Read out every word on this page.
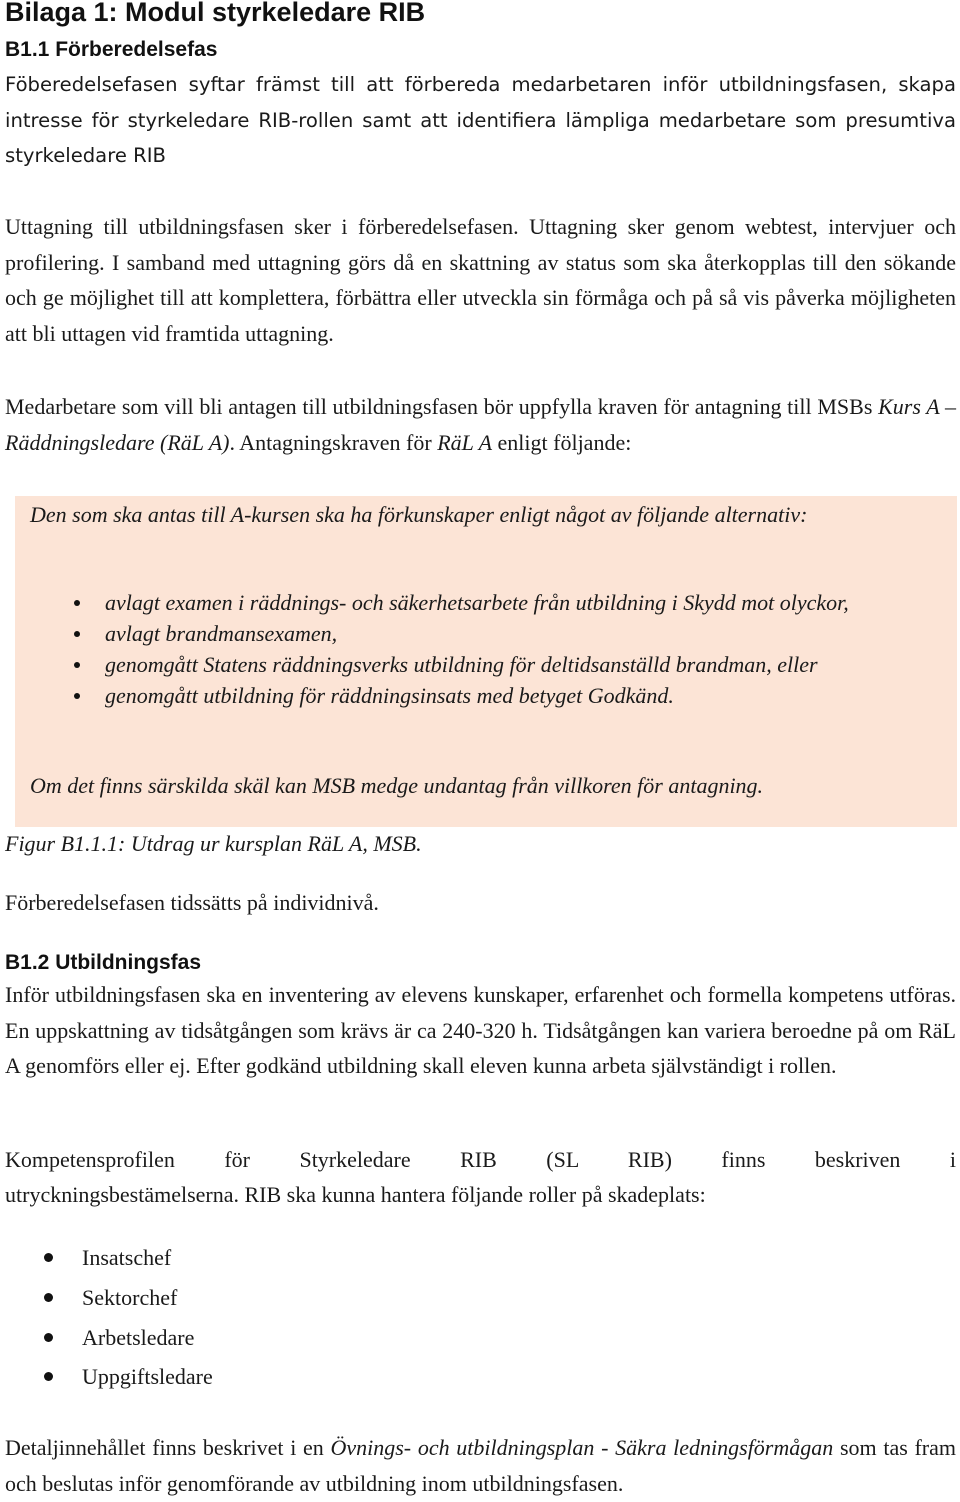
Bilaga 1: Modul styrkeledare RIB
B1.1 Förberedelsefas

Föberedelsefasen syftar främst till att förbereda medarbetaren inför utbildningsfasen, skapa intresse för styrkeledare RIB-rollen samt att identifiera lämpliga medarbetare som presumtiva styrkeledare RIB

Uttagning till utbildningsfasen sker i förberedelsefasen. Uttagning sker genom webtest, intervjuer och profilering. I samband med uttagning görs då en skattning av status som ska återkopplas till den sökande och ge möjlighet till att komplettera, förbättra eller utveckla sin förmåga och på så vis påverka möjligheten att bli uttagen vid framtida uttagning.

Medarbetare som vill bli antagen till utbildningsfasen bör uppfylla kraven för antagning till MSBs Kurs A – Räddningsledare (RäL A). Antagningskraven för RäL A enligt följande:

Den som ska antas till A-kursen ska ha förkunskaper enligt något av följande alternativ:

avlagt examen i räddnings- och säkerhetsarbete från utbildning i Skydd mot olyckor,
avlagt brandmansexamen,
genomgått Statens räddningsverks utbildning för deltidsanställd brandman, eller
genomgått utbildning för räddningsinsats med betyget Godkänd.

Om det finns särskilda skäl kan MSB medge undantag från villkoren för antagning.

Figur B1.1.1: Utdrag ur kursplan RäL A, MSB.

Förberedelsefasen tidssätts på individnivå.

B1.2 Utbildningsfas

Inför utbildningsfasen ska en inventering av elevens kunskaper, erfarenhet och formella kompetens utföras. En uppskattning av tidsåtgången som krävs är ca 240-320 h. Tidsåtgången kan variera beroedne på om RäL A genomförs eller ej. Efter godkänd utbildning skall eleven kunna arbeta självständigt i rollen.

Kompetensprofilen för Styrkeledare RIB (SL RIB) finns beskriven i

utryckningsbestämelserna. RIB ska kunna hantera följande roller på skadeplats:

Insatschef
Sektorchef
Arbetsledare
Uppgiftsledare

Detaljinnehållet finns beskrivet i en Övnings- och utbildningsplan - Säkra ledningsförmågan som tas fram och beslutas inför genomförande av utbildning inom utbildningsfasen.
